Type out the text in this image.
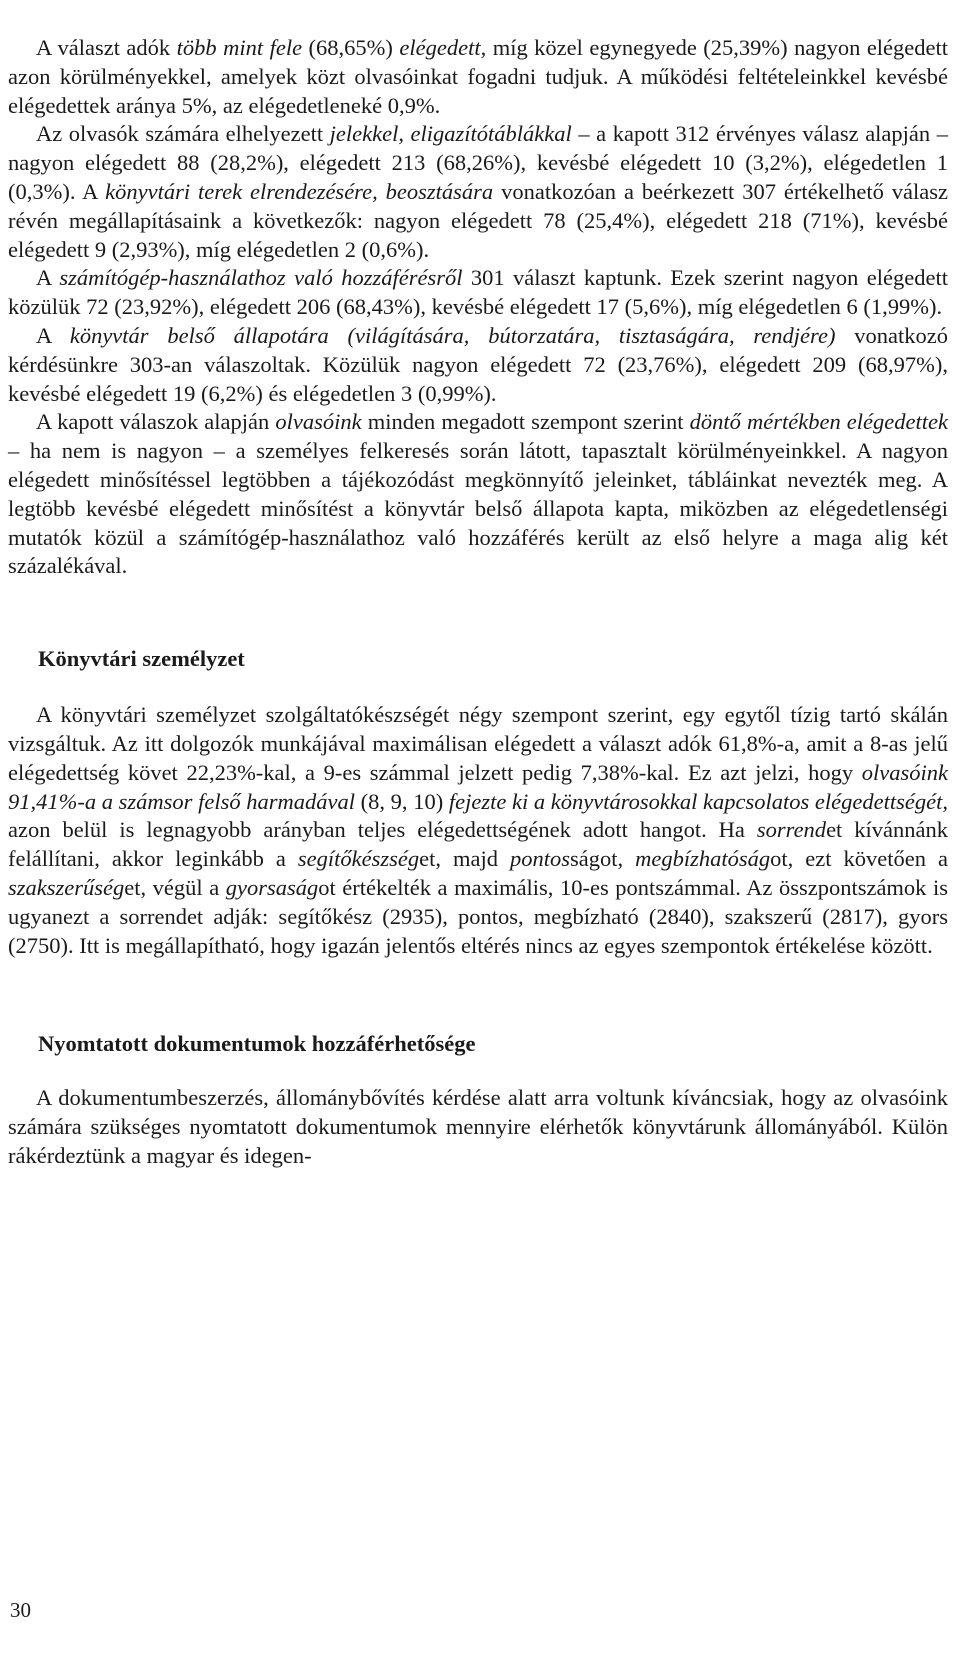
A választ adók több mint fele (68,65%) elégedett, míg közel egynegyede (25,39%) nagyon elégedett azon körülményekkel, amelyek közt olvasóinkat fogadni tudjuk. A működési feltételeinkkel kevésbé elégedettek aránya 5%, az elégedetleneké 0,9%.

Az olvasók számára elhelyezett jelekkel, eligazítótáblákkal – a kapott 312 érvényes válasz alapján – nagyon elégedett 88 (28,2%), elégedett 213 (68,26%), kevésbé elégedett 10 (3,2%), elégedetlen 1 (0,3%). A könyvtári terek elrendezésére, beosztására vonatkozóan a beérkezett 307 értékelhető válasz révén megállapításaink a következők: nagyon elégedett 78 (25,4%), elégedett 218 (71%), kevésbé elégedett 9 (2,93%), míg elégedetlen 2 (0,6%).

A számítógép-használathoz való hozzáférésről 301 választ kaptunk. Ezek szerint nagyon elégedett közülük 72 (23,92%), elégedett 206 (68,43%), kevésbé elégedett 17 (5,6%), míg elégedetlen 6 (1,99%).

A könyvtár belső állapotára (világítására, bútorzatára, tisztaságára, rendjére) vonatkozó kérdésünkre 303-an válaszoltak. Közülük nagyon elégedett 72 (23,76%), elégedett 209 (68,97%), kevésbé elégedett 19 (6,2%) és elégedetlen 3 (0,99%).

A kapott válaszok alapján olvasóink minden megadott szempont szerint döntő mértékben elégedettek – ha nem is nagyon – a személyes felkeresés során látott, tapasztalt körülményeinkkel. A nagyon elégedett minősítéssel legtöbben a tájékozódást megkönnyítő jeleinket, tábláinkat nevezték meg. A legtöbb kevésbé elégedett minősítést a könyvtár belső állapota kapta, miközben az elégedetlenségi mutatók közül a számítógép-használathoz való hozzáférés került az első helyre a maga alig két százalékával.

Könyvtári személyzet

A könyvtári személyzet szolgáltatókészségét négy szempont szerint, egy egytől tízig tartó skálán vizsgáltuk. Az itt dolgozók munkájával maximálisan elégedett a választ adók 61,8%-a, amit a 8-as jelű elégedettség követ 22,23%-kal, a 9-es számmal jelzett pedig 7,38%-kal. Ez azt jelzi, hogy olvasóink 91,41%-a a számsor felső harmadával (8, 9, 10) fejezte ki a könyvtárosokkal kapcsolatos elégedettségét, azon belül is legnagyobb arányban teljes elégedettségének adott hangot. Ha sorrendet kívánnánk felállítani, akkor leginkább a segítőkészséget, majd pontosságot, megbízhatóságot, ezt követően a szakszerűséget, végül a gyorsaságot értékelték a maximális, 10-es pontszámmal. Az összpontszámok is ugyanezt a sorrendet adják: segítőkész (2935), pontos, megbízható (2840), szakszerű (2817), gyors (2750). Itt is megállapítható, hogy igazán jelentős eltérés nincs az egyes szempontok értékelése között.

Nyomtatott dokumentumok hozzáférhetősége

A dokumentumbeszerzés, állománybővítés kérdése alatt arra voltunk kíváncsiak, hogy az olvasóink számára szükséges nyomtatott dokumentumok mennyire elérhetők könyvtárunk állományából. Külön rákérdeztünk a magyar és idegen-

30
